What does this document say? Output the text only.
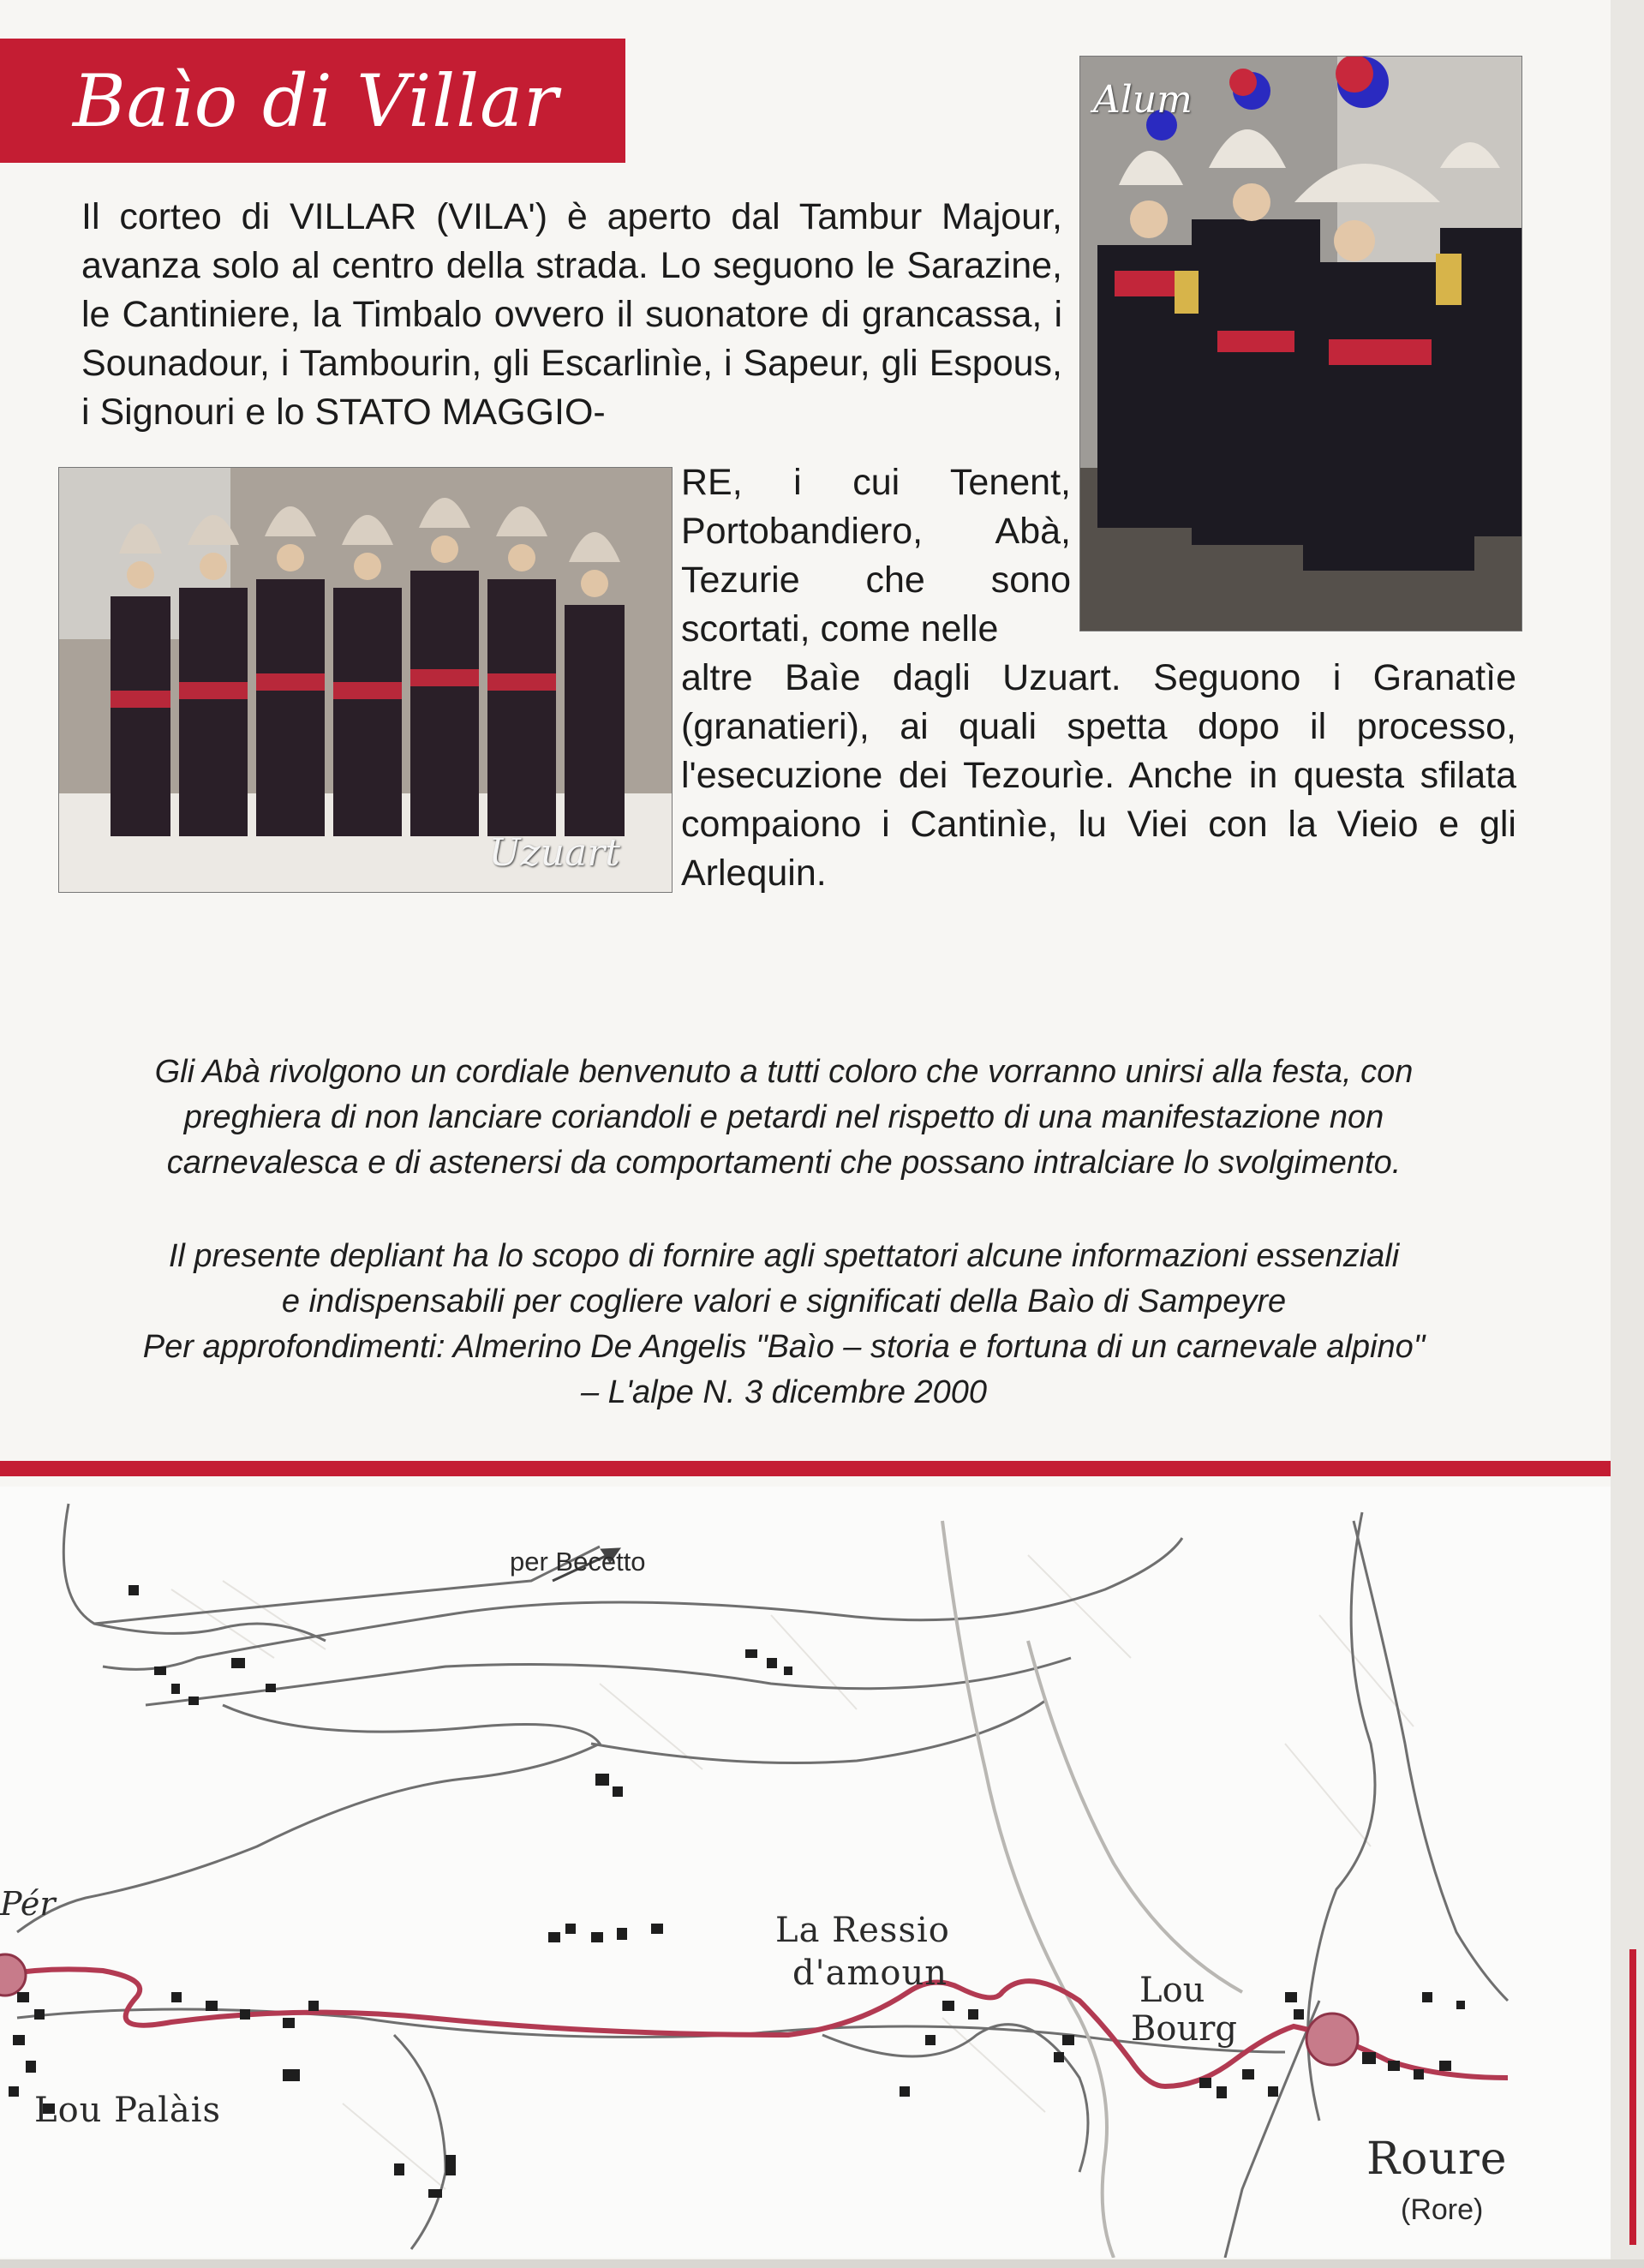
Baìo di Villar	Alum
Uzuart
Il corteo di VILLAR (VILA') è aperto dal Tambur Majour, avanza solo al centro della strada. Lo seguono le Sarazine, le Cantiniere, la Timbalo ovvero il suonatore di grancassa, i Sounadour, i Tambourin, gli Escarlinìe, i Sapeur, gli Espous, i Signouri e lo STATO MAGGIO-
RE, i cui Tenent, Portobandiero, Abà, Tezurie che sono scortati, come nelle
altre Baìe dagli Uzuart. Seguono i Granatìe (granatieri), ai quali spetta dopo il processo, l'esecuzione dei Tezourìe. Anche in questa sfilata compaiono i Cantinìe, lu Viei con la Vieio e gli Arlequin.
Gli Abà rivolgono un cordiale benvenuto a tutti coloro che vorranno unirsi alla festa, con
preghiera di non lanciare coriandoli e petardi nel rispetto di una manifestazione non
carnevalesca e di astenersi da comportamenti che possano intralciare lo svolgimento.
Il presente depliant ha lo scopo di fornire agli spettatori alcune informazioni essenziali
e indispensabili per cogliere valori e significati della Baìo di Sampeyre
Per approfondimenti: Almerino De Angelis "Baìo – storia e fortuna di un carnevale alpino"
– L'alpe N. 3 dicembre 2000
per Becetto
Pér
La Ressio
d'amoun	Lou
Bourg
Lou Palàis
Roure
(Rore)
